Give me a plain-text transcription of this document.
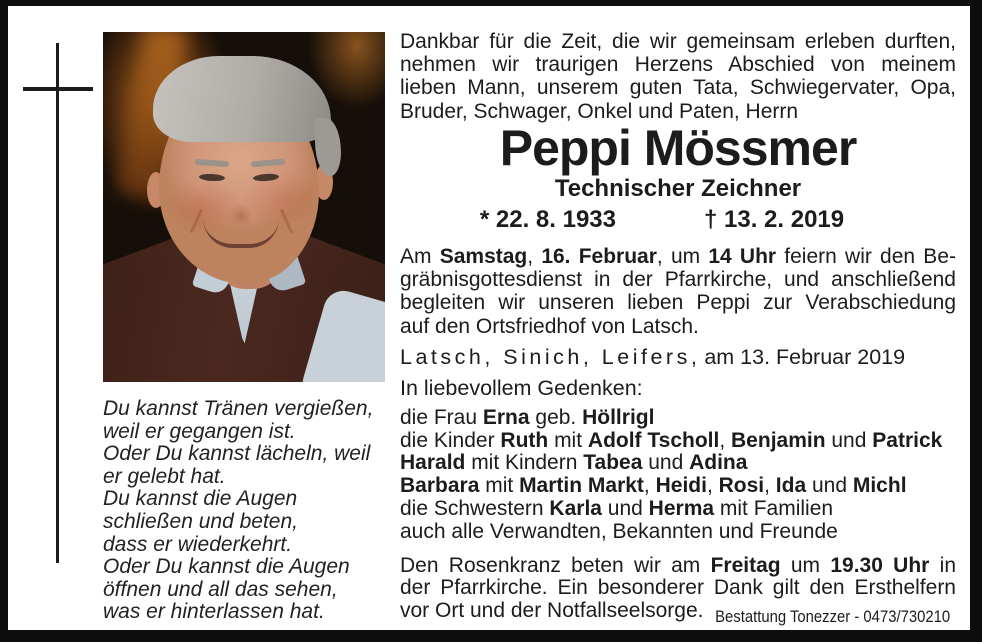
Du kannst Tränen vergießen,
weil er gegangen ist.
Oder Du kannst lächeln, weil
er gelebt hat.
Du kannst die Augen
schließen und beten,
dass er wiederkehrt.
Oder Du kannst die Augen
öffnen und all das sehen,
was er hinterlassen hat.
Dankbar für die Zeit, die wir gemeinsam erleben durften,
nehmen wir traurigen Herzens Abschied von meinem
lieben Mann, unserem guten Tata, Schwiegervater, Opa,
Bruder, Schwager, Onkel und Paten, Herrn
Peppi Mössmer
Technischer Zeichner
* 22. 8. 1933	† 13. 2. 2019
Am Samstag, 16. Februar, um 14 Uhr feiern wir den Be-
gräbnisgottesdienst in der Pfarrkirche, und anschließend
begleiten wir unseren lieben Peppi zur Verabschiedung
auf den Ortsfriedhof von Latsch.
Latsch, Sinich, Leifers, am 13. Februar 2019
In liebevollem Gedenken:
die Frau Erna geb. Höllrigl
die Kinder Ruth mit Adolf Tscholl, Benjamin und Patrick
Harald mit Kindern Tabea und Adina
Barbara mit Martin Markt, Heidi, Rosi, Ida und Michl
die Schwestern Karla und Herma mit Familien
auch alle Verwandten, Bekannten und Freunde
Den Rosenkranz beten wir am Freitag um 19.30 Uhr in
der Pfarrkirche. Ein besonderer Dank gilt den Ersthelfern
vor Ort und der Notfallseelsorge. Bestattung Tonezzer - 0473/730210
